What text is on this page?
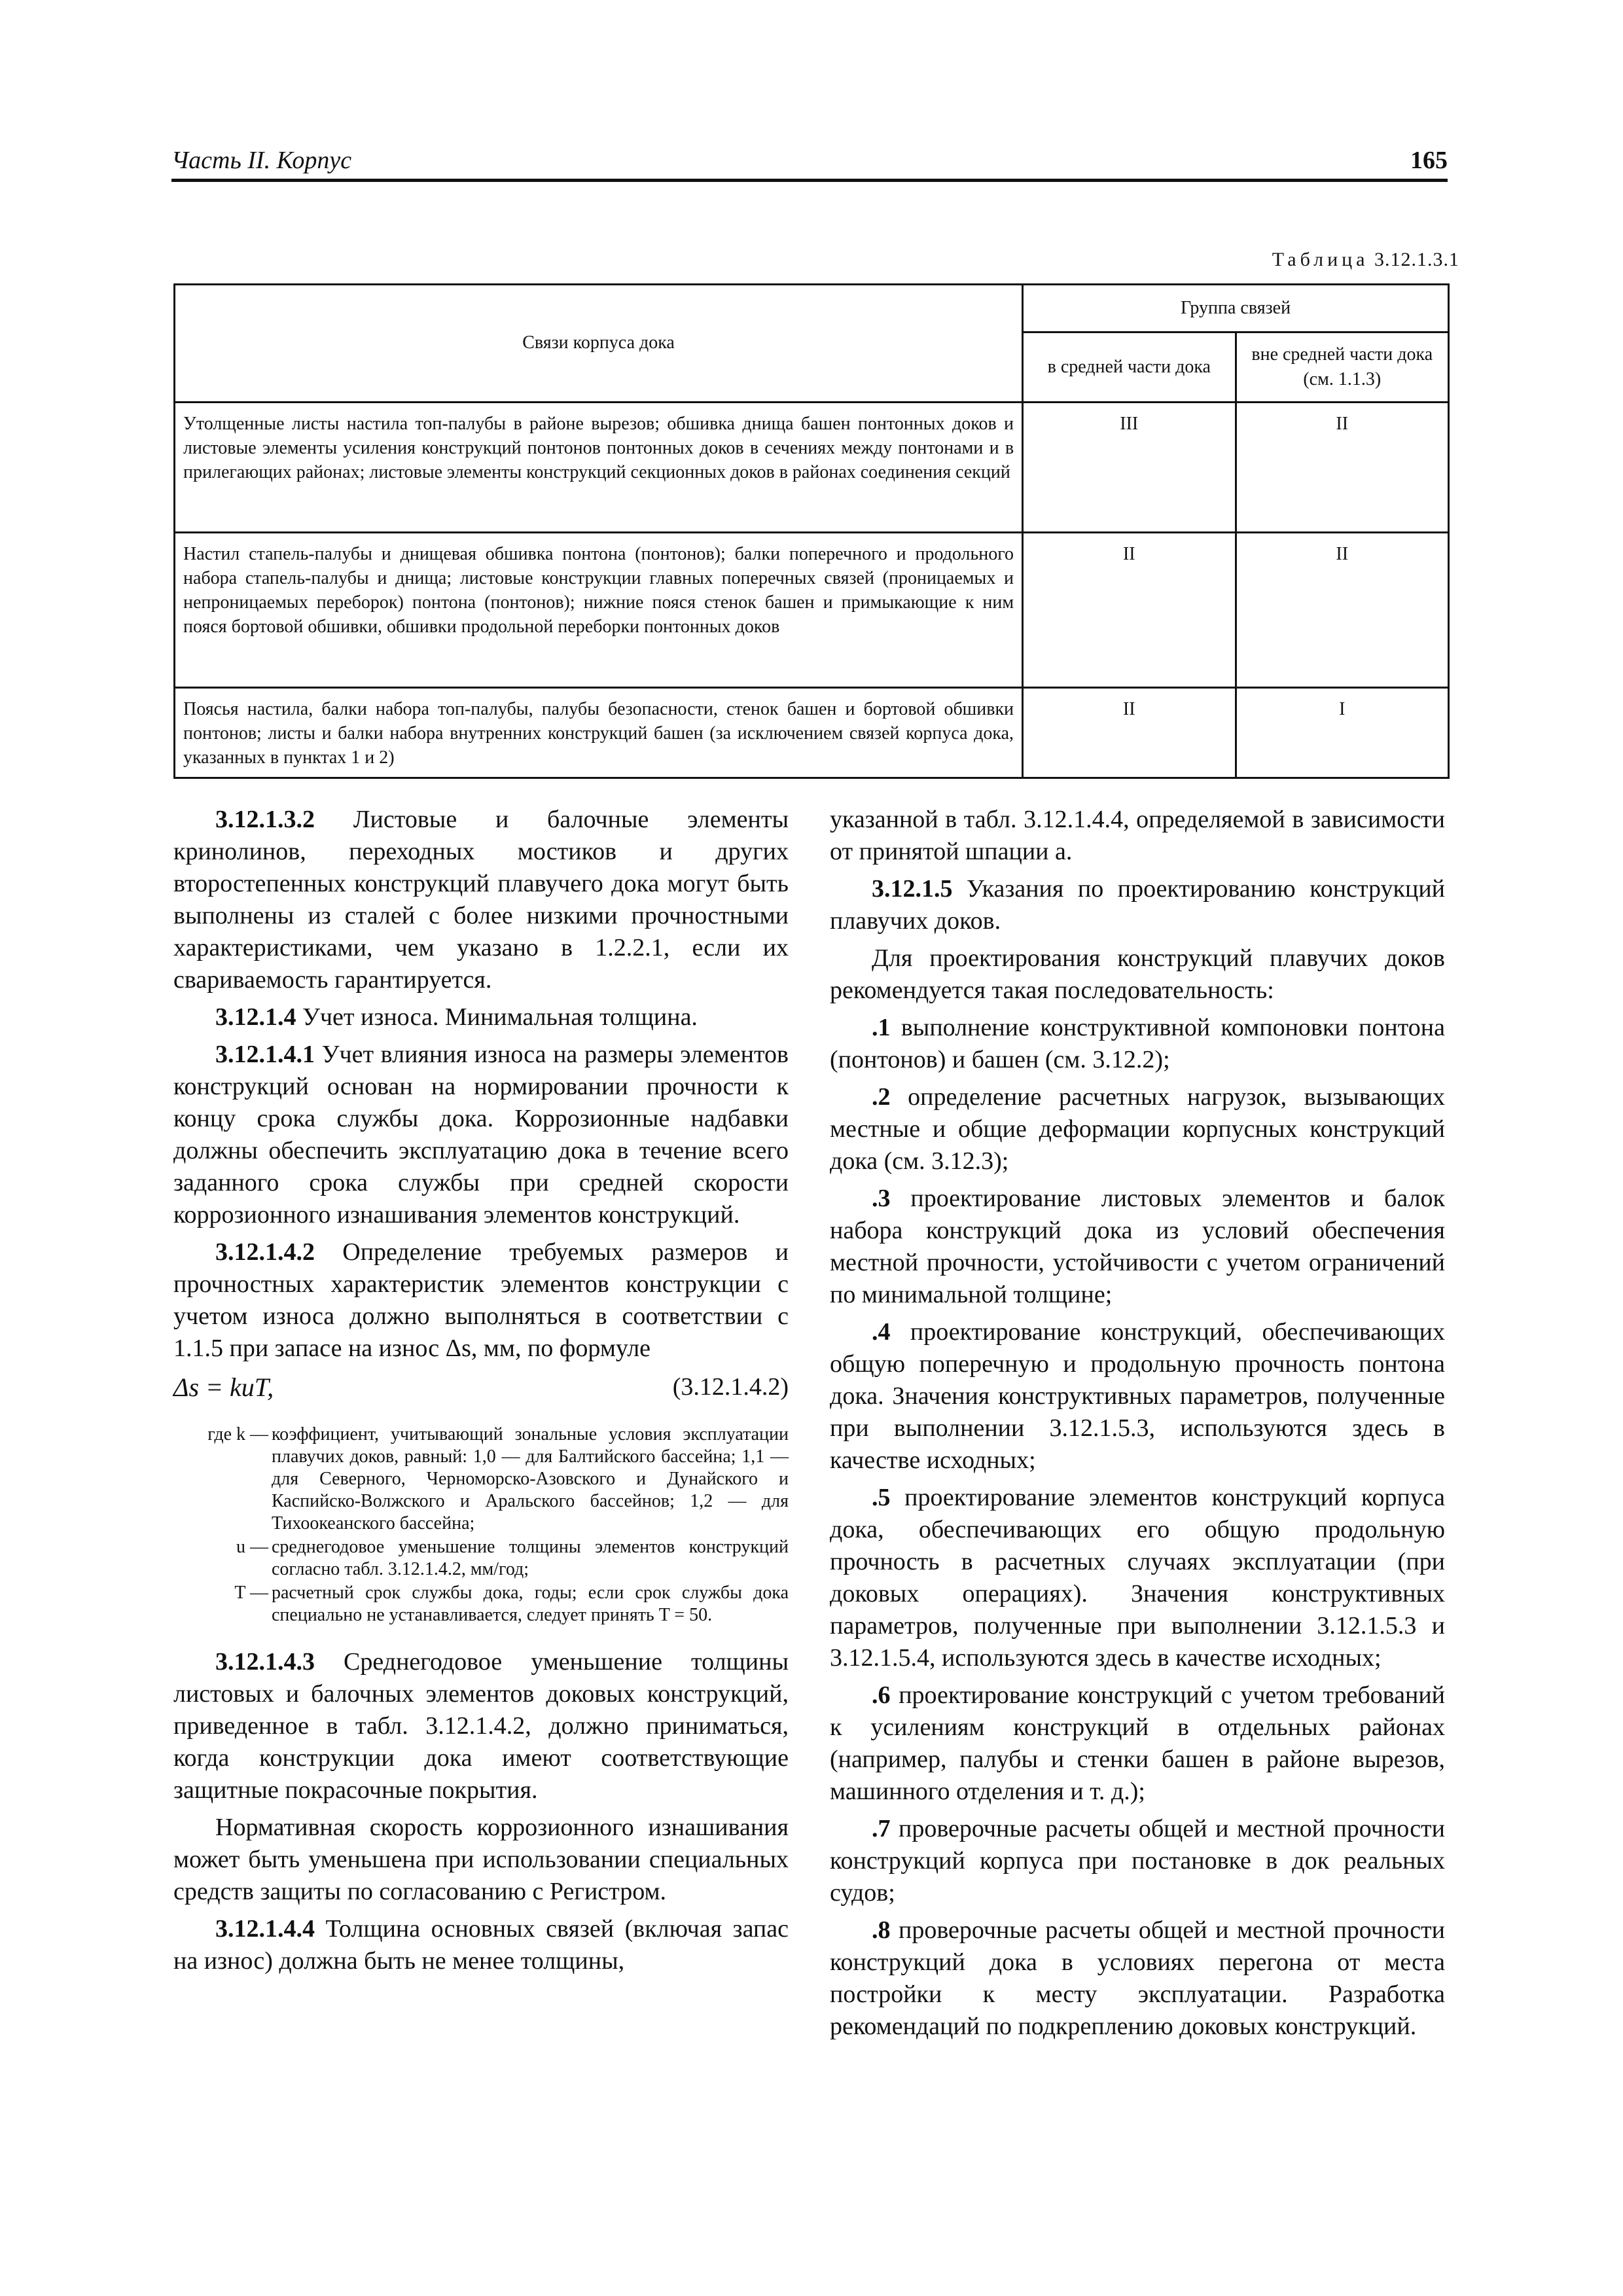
Часть II. Корпус	165
Таблица 3.12.1.3.1
Связи корпуса дока	Группа связей	
	в средней части дока	вне средней части дока (см. 1.1.3)
Утолщенные листы настила топ-палубы в районе вырезов; обшивка днища башен понтонных доков и листовые элементы усиления конструкций понтонов понтонных доков в сечениях между понтонами и в прилегающих районах; листовые элементы конструкций секционных доков в районах соединения секций	III	II
Настил стапель-палубы и днищевая обшивка понтона (понтонов); балки поперечного и продольного набора стапель-палубы и днища; листовые конструкции главных поперечных связей (проницаемых и непроницаемых переборок) понтона (понтонов); нижние пояся стенок башен и примыкающие к ним пояся бортовой обшивки, обшивки продольной переборки понтонных доков	II	II
Поясья настила, балки набора топ-палубы, палубы безопасности, стенок башен и бортовой обшивки понтонов; листы и балки набора внутренних конструкций башен (за исключением связей корпуса дока, указанных в пунктах 1 и 2)	II	I

3.12.1.3.2 Листовые и балочные элементы кринолинов, переходных мостиков и других второстепенных конструкций плавучего дока могут быть выполнены из сталей с более низкими прочностными характеристиками, чем указано в 1.2.2.1, если их свариваемость гарантируется.

3.12.1.4 Учет износа. Минимальная толщина.

3.12.1.4.1 Учет влияния износа на размеры элементов конструкций основан на нормировании прочности к концу срока службы дока. Коррозионные надбавки должны обеспечить эксплуатацию дока в течение всего заданного срока службы при средней скорости коррозионного изнашивания элементов конструкций.

3.12.1.4.2 Определение требуемых размеров и прочностных характеристик элементов конструкции с учетом износа должно выполняться в соответствии с 1.1.5 при запасе на износ Δs, мм, по формуле

Δs = kuT,	(3.12.1.4.2)
где k — коэффициент, учитывающий зональные условия эксплуатации плавучих доков, равный: 1,0 — для Балтийского бассейна; 1,1 — для Северного, Черноморско-Азовского и Дунайского и Каспийско-Волжского и Аральского бассейнов; 1,2 — для Тихоокеанского бассейна;
u — среднегодовое уменьшение толщины элементов конструкций согласно табл. 3.12.1.4.2, мм/год;
T — расчетный срок службы дока, годы; если срок службы дока специально не устанавливается, следует принять T = 50.

3.12.1.4.3 Среднегодовое уменьшение толщины листовых и балочных элементов доковых конструкций, приведенное в табл. 3.12.1.4.2, должно приниматься, когда конструкции дока имеют соответствующие защитные покрасочные покрытия.

Нормативная скорость коррозионного изнашивания может быть уменьшена при использовании специальных средств защиты по согласованию с Регистром.

3.12.1.4.4 Толщина основных связей (включая запас на износ) должна быть не менее толщины,

указанной в табл. 3.12.1.4.4, определяемой в зависимости от принятой шпации a.

3.12.1.5 Указания по проектированию конструкций плавучих доков.

Для проектирования конструкций плавучих доков рекомендуется такая последовательность:

.1 выполнение конструктивной компоновки понтона (понтонов) и башен (см. 3.12.2);

.2 определение расчетных нагрузок, вызывающих местные и общие деформации корпусных конструкций дока (см. 3.12.3);

.3 проектирование листовых элементов и балок набора конструкций дока из условий обеспечения местной прочности, устойчивости с учетом ограничений по минимальной толщине;

.4 проектирование конструкций, обеспечивающих общую поперечную и продольную прочность понтона дока. Значения конструктивных параметров, полученные при выполнении 3.12.1.5.3, используются здесь в качестве исходных;

.5 проектирование элементов конструкций корпуса дока, обеспечивающих его общую продольную прочность в расчетных случаях эксплуатации (при доковых операциях). Значения конструктивных параметров, полученные при выполнении 3.12.1.5.3 и 3.12.1.5.4, используются здесь в качестве исходных;

.6 проектирование конструкций с учетом требований к усилениям конструкций в отдельных районах (например, палубы и стенки башен в районе вырезов, машинного отделения и т. д.);

.7 проверочные расчеты общей и местной прочности конструкций корпуса при постановке в док реальных судов;

.8 проверочные расчеты общей и местной прочности конструкций дока в условиях перегона от места постройки к месту эксплуатации. Разработка рекомендаций по подкреплению доковых конструкций.
